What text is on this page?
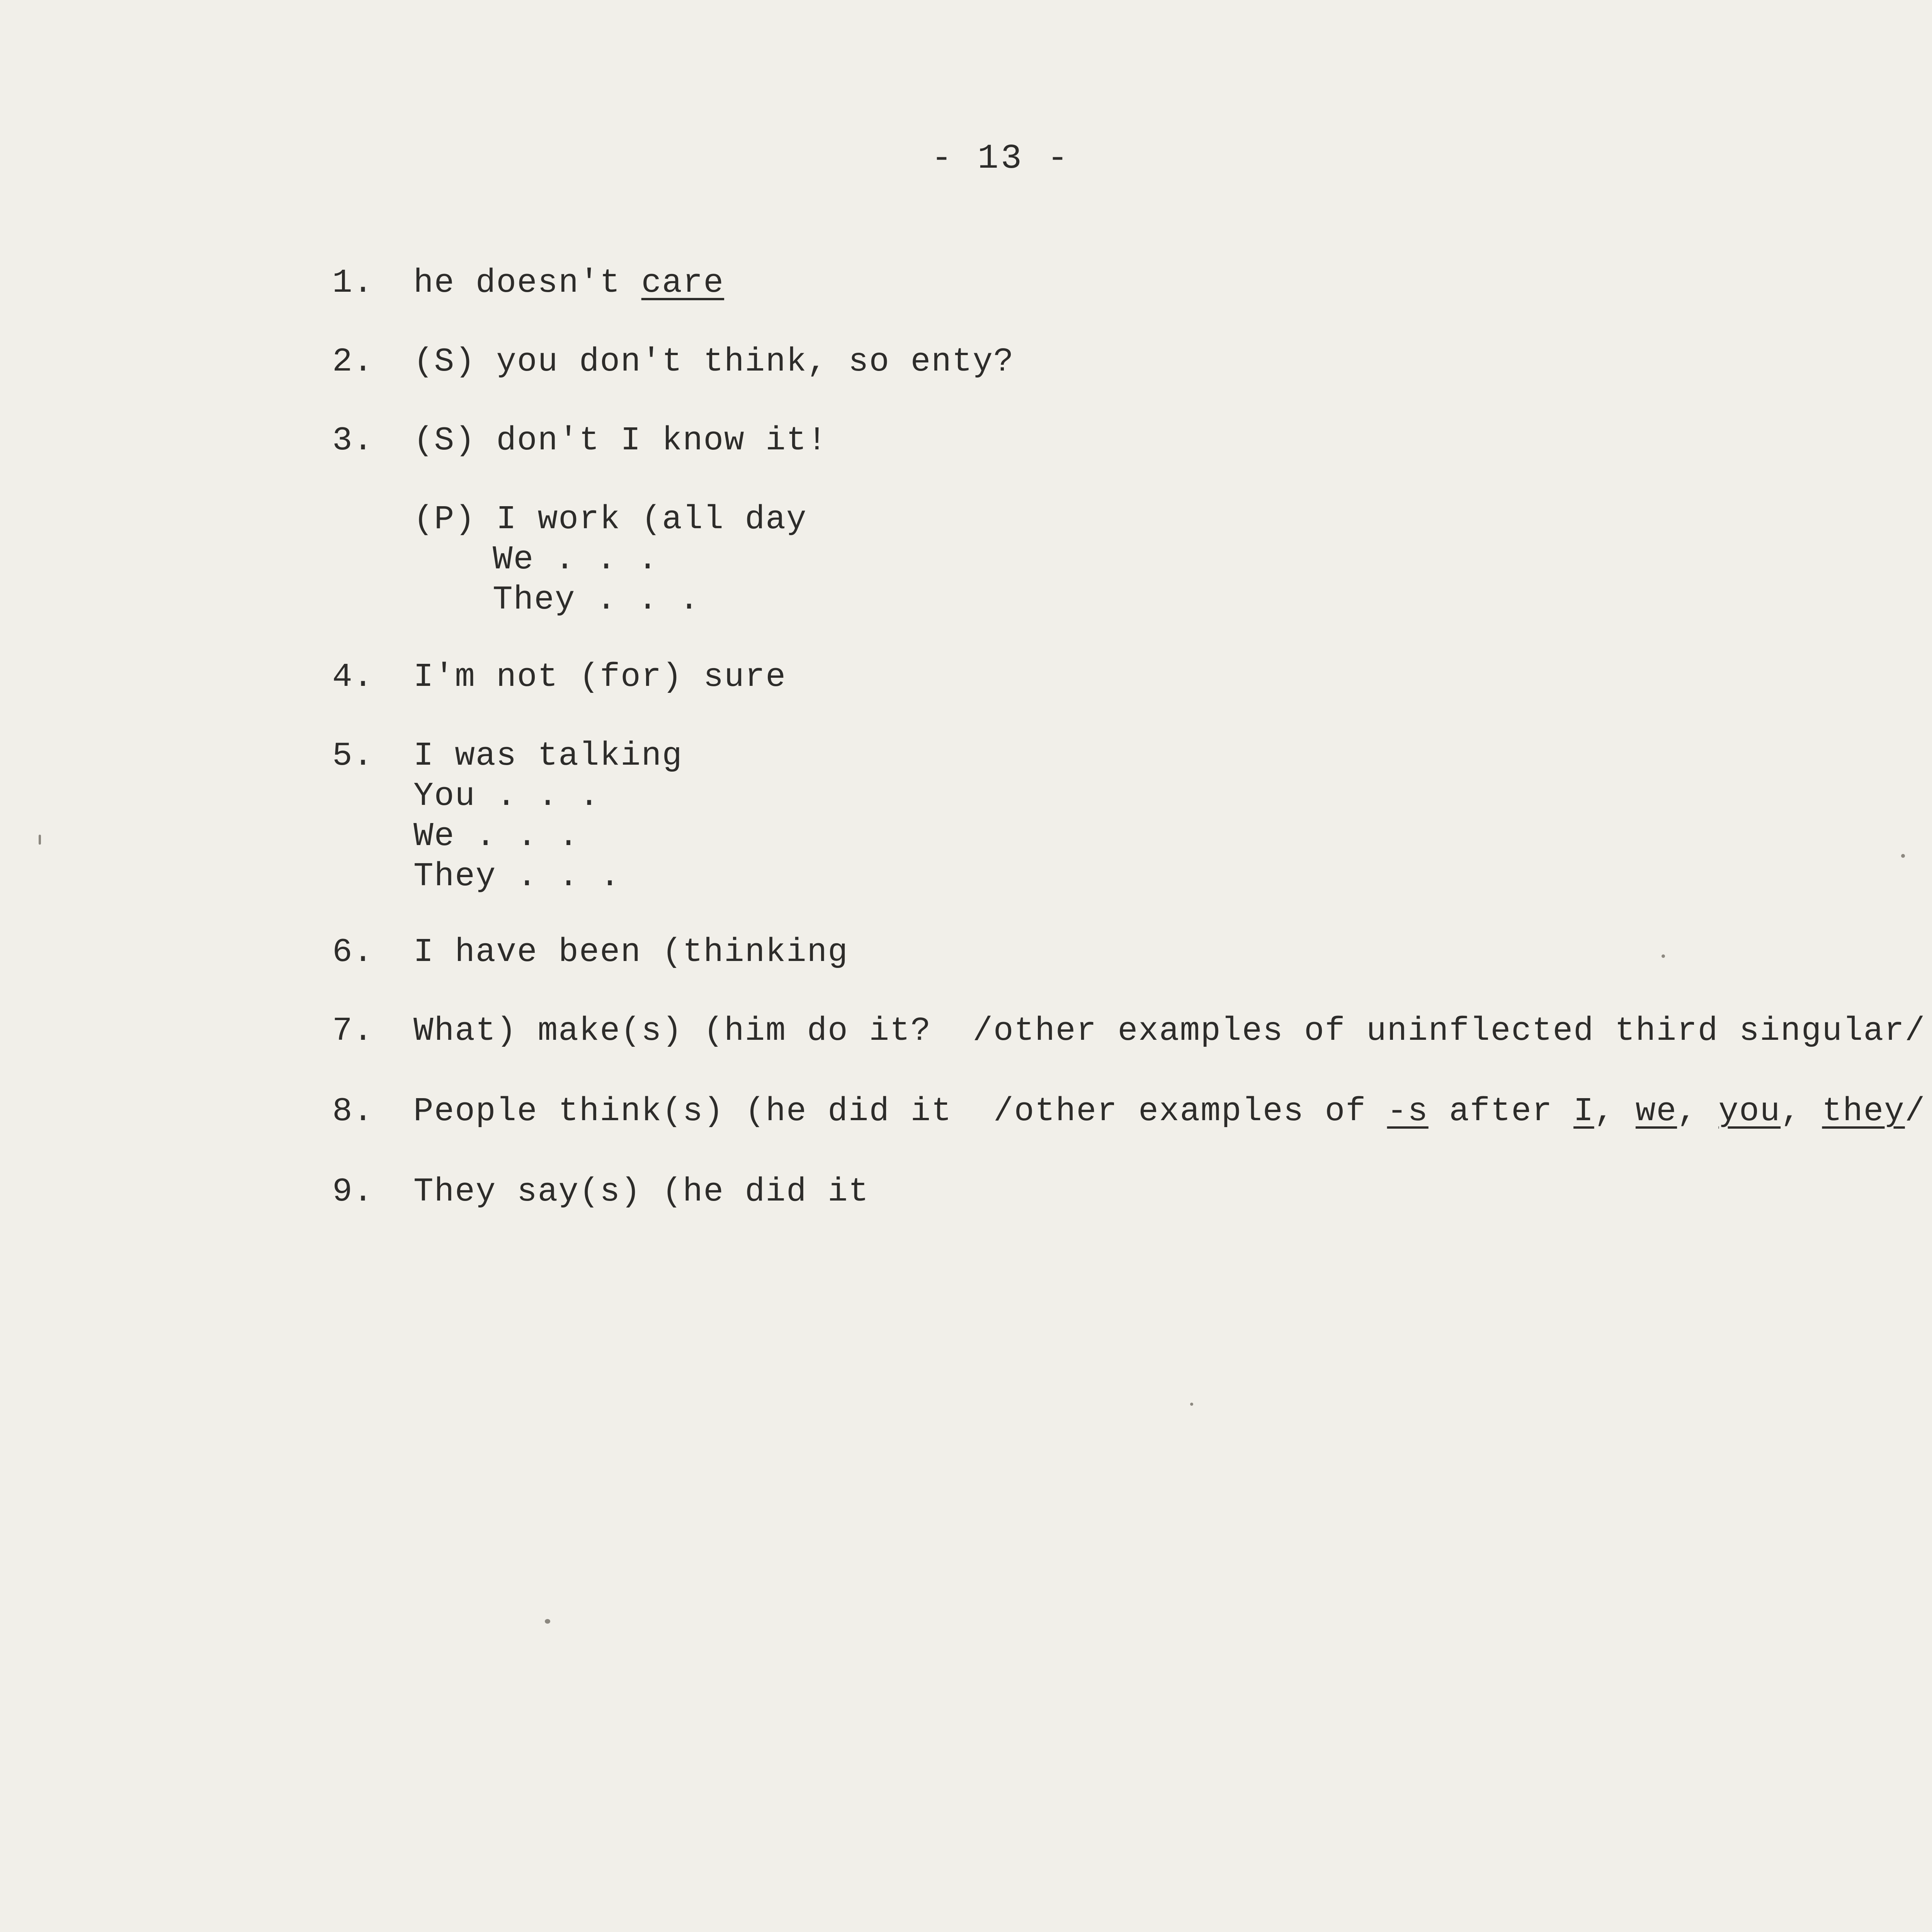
- 13 -
1. he doesn't care
2. (S) you don't think, so enty?
3. (S) don't I know it!
(P) I work (all day
We . . .
They . . .
4. I'm not (for) sure
5. I was talking
You . . .
We . . .
They . . .
6. I have been (thinking
7. What) make(s) (him do it?  /other examples of uninflected third singular/
8. People think(s) (he did it  /other examples of -s after I, we, you, they/
9. They say(s) (he did it
